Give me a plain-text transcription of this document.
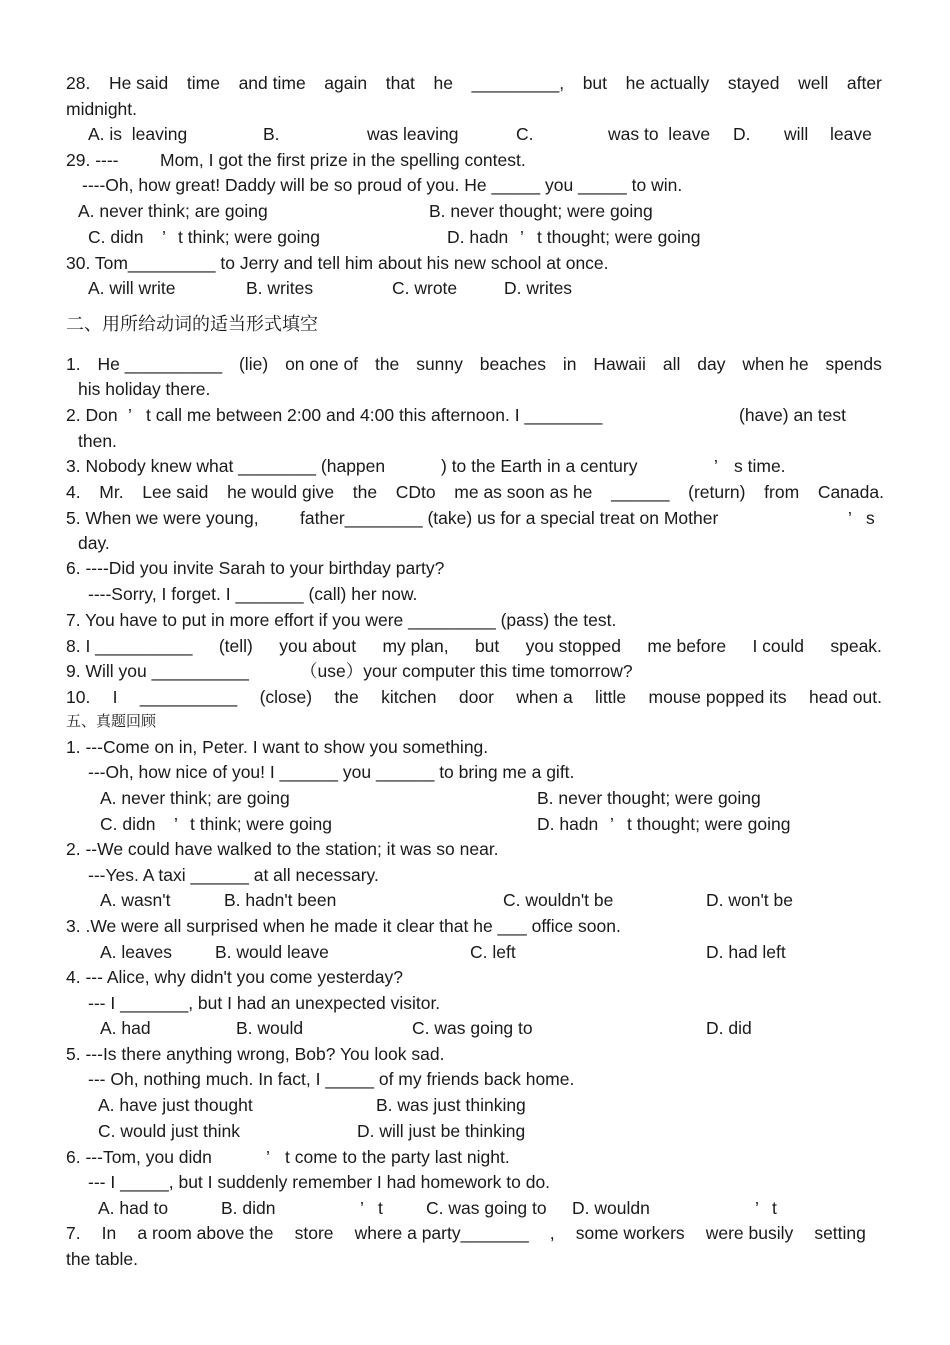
28. He said time and time again that he _________, but he actually stayed well after
midnight.
A. is  leaving	B.	was leaving	C.	was to  leave D. will leave
29. ---- Mom, I got the first prize in the spelling contest.
----Oh, how great! Daddy will be so proud of you. He _____ you _____ to win.
A. never think; are going	B. never thought; were going
C. didn ’ t think; were going	D. hadn ’ t thought; were going
30. Tom_________ to Jerry and tell him about his new school at once.
A. will write	B. writes	C. wrote	D. writes
二、用所给动词的适当形式填空
1. He __________ (lie) on one of the sunny beaches in Hawaii all day when he spends
his holiday there.
2. Don ’ t call me between 2:00 and 4:00 this afternoon. I ________	(have) an test
then.
3. Nobody knew what ________ (happen	) to the Earth in a century	’ s time.
4. Mr. Lee said he would give the CDto me as soon as he ______ (return) from Canada.
5. When we were young, father________ (take) us for a special treat on Mother	’ s
day.
6. ----Did you invite Sarah to your birthday party?
----Sorry, I forget. I _______ (call) her now.
7. You have to put in more effort if you were _________ (pass) the test.
8. I __________ (tell) you about my plan, but you stopped me before I could speak.
9. Will you __________	（use）your computer this time tomorrow?
10. I __________ (close) the kitchen door when a little mouse popped its head out.
五、真题回顾
1. ---Come on in, Peter. I want to show you something.
---Oh, how nice of you! I ______ you ______ to bring me a gift.
A. never think; are going	B. never thought; were going
C. didn ’ t think; were going	D. hadn ’ t thought; were going
2. --We could have walked to the station; it was so near.
---Yes. A taxi ______ at all necessary.
A. wasn't	B. hadn't been	C. wouldn't be	D. won't be
3. .We were all surprised when he made it clear that he ___ office soon.
A. leaves B. would leave	C. left	D. had left
4. --- Alice, why didn't you come yesterday?
--- I _______, but I had an unexpected visitor.
A. had	B. would	C. was going to	D. did
5. ---Is there anything wrong, Bob? You look sad.
--- Oh, nothing much. In fact, I _____ of my friends back home.
A. have just thought	B. was just thinking
C. would just think	D. will just be thinking
6. ---Tom, you didn	’ t come to the party last night.
--- I _____, but I suddenly remember I had homework to do.
A. had to	B. didn	’ t C. was going to D. wouldn	’ t
7. In a room above the store where a party_______ , some workers were busily setting
the table.
